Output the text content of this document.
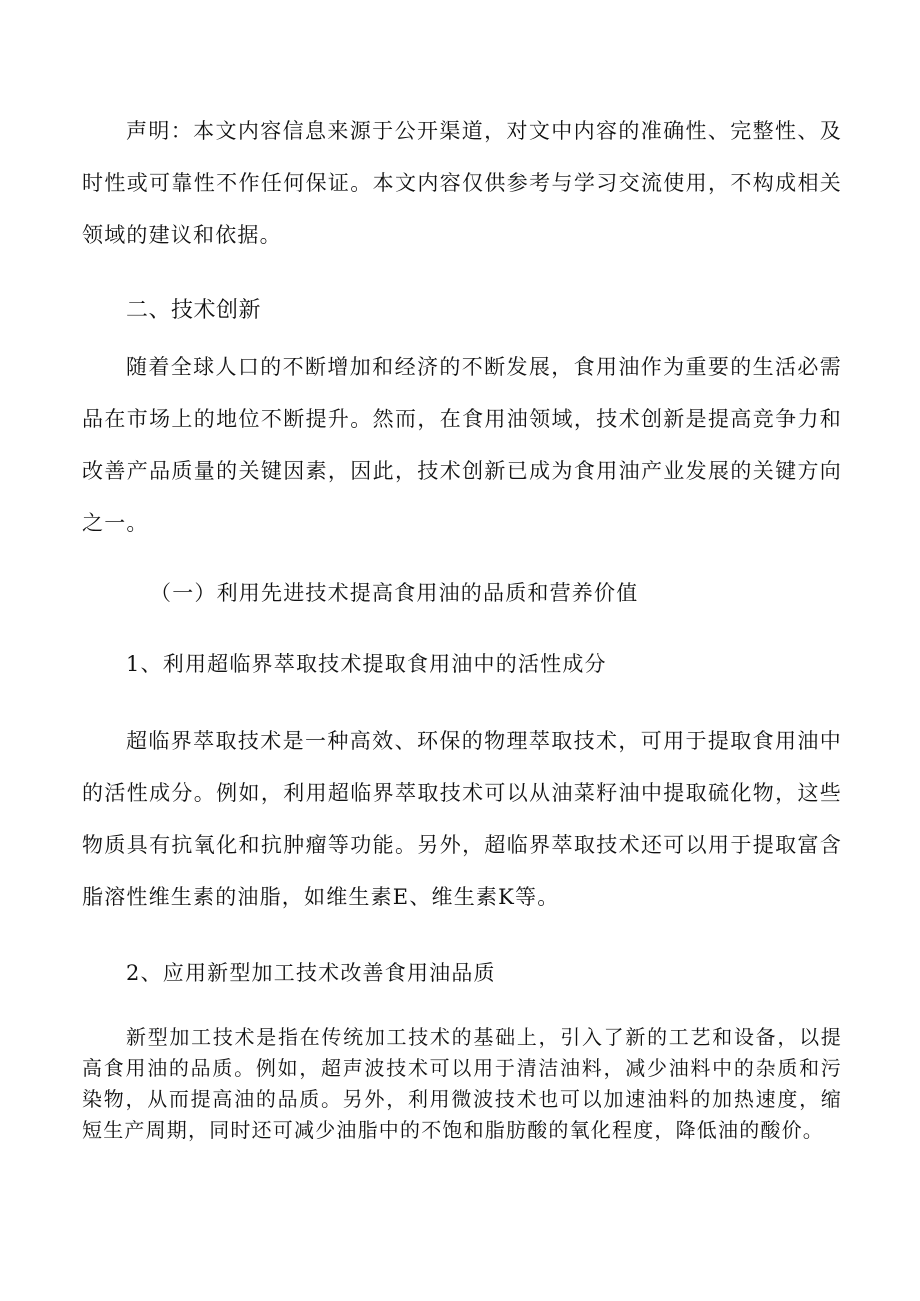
声明：本文内容信息来源于公开渠道，对文中内容的准确性、完整性、及时性或可靠性不作任何保证。本文内容仅供参考与学习交流使用，不构成相关领域的建议和依据。

二、技术创新

随着全球人口的不断增加和经济的不断发展，食用油作为重要的生活必需品在市场上的地位不断提升。然而，在食用油领域，技术创新是提高竞争力和改善产品质量的关键因素，因此，技术创新已成为食用油产业发展的关键方向之一。

（一）利用先进技术提高食用油的品质和营养价值
1、利用超临界萃取技术提取食用油中的活性成分

超临界萃取技术是一种高效、环保的物理萃取技术，可用于提取食用油中的活性成分。例如，利用超临界萃取技术可以从油菜籽油中提取硫化物，这些物质具有抗氧化和抗肿瘤等功能。另外，超临界萃取技术还可以用于提取富含脂溶性维生素的油脂，如维生素E、维生素K等。

2、应用新型加工技术改善食用油品质

新型加工技术是指在传统加工技术的基础上，引入了新的工艺和设备，以提高食用油的品质。例如，超声波技术可以用于清洁油料，减少油料中的杂质和污染物，从而提高油的品质。另外，利用微波技术也可以加速油料的加热速度，缩短生产周期，同时还可减少油脂中的不饱和脂肪酸的氧化程度，降低油的酸价。
